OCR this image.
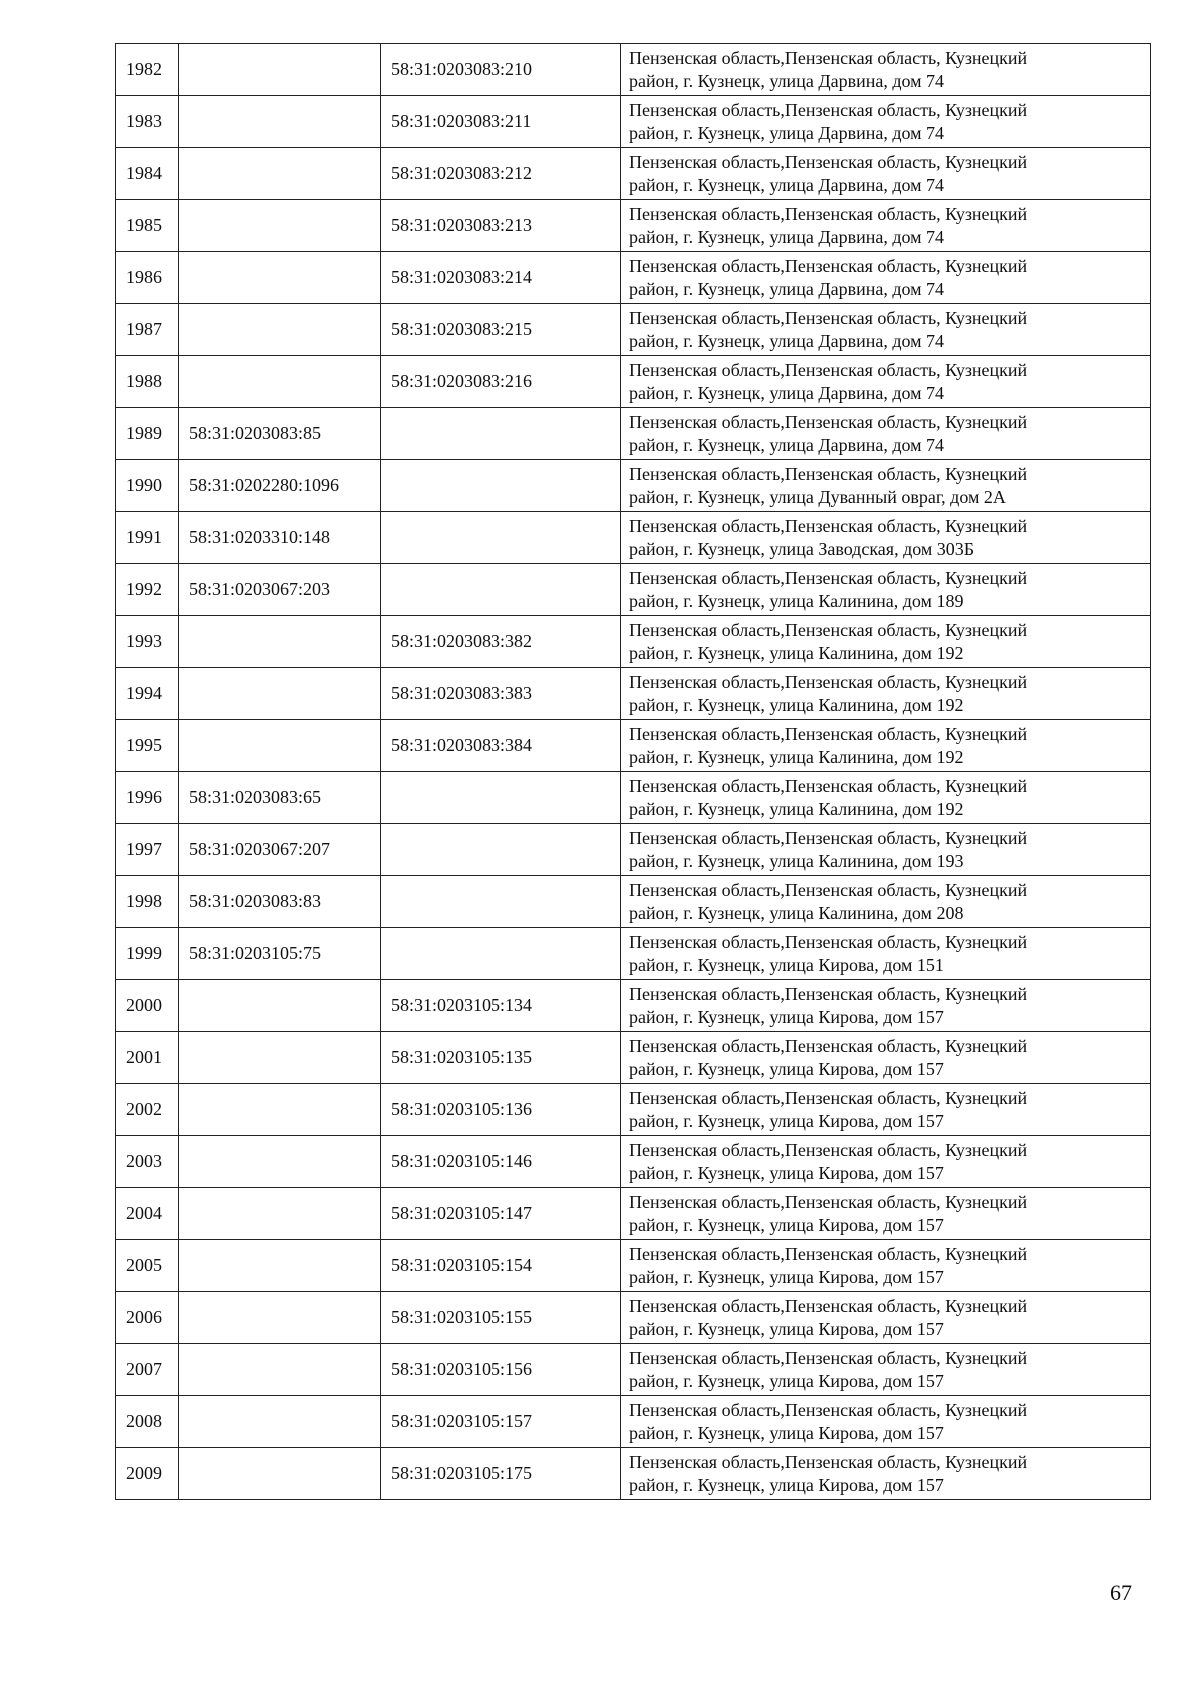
1982		58:31:0203083:210	Пензенская область,Пензенская область, Кузнецкий
район, г. Кузнецк, улица Дарвина, дом 74

1983		58:31:0203083:211	Пензенская область,Пензенская область, Кузнецкий
район, г. Кузнецк, улица Дарвина, дом 74

1984		58:31:0203083:212	Пензенская область,Пензенская область, Кузнецкий
район, г. Кузнецк, улица Дарвина, дом 74

1985		58:31:0203083:213	Пензенская область,Пензенская область, Кузнецкий
район, г. Кузнецк, улица Дарвина, дом 74

1986		58:31:0203083:214	Пензенская область,Пензенская область, Кузнецкий
район, г. Кузнецк, улица Дарвина, дом 74

1987		58:31:0203083:215	Пензенская область,Пензенская область, Кузнецкий
район, г. Кузнецк, улица Дарвина, дом 74

1988		58:31:0203083:216	Пензенская область,Пензенская область, Кузнецкий
район, г. Кузнецк, улица Дарвина, дом 74

1989	58:31:0203083:85		Пензенская область,Пензенская область, Кузнецкий
район, г. Кузнецк, улица Дарвина, дом 74

1990	58:31:0202280:1096		Пензенская область,Пензенская область, Кузнецкий
район, г. Кузнецк, улица Дуванный овраг, дом 2А

1991	58:31:0203310:148		Пензенская область,Пензенская область, Кузнецкий
район, г. Кузнецк, улица Заводская, дом 303Б

1992	58:31:0203067:203		Пензенская область,Пензенская область, Кузнецкий
район, г. Кузнецк, улица Калинина, дом 189

1993		58:31:0203083:382	Пензенская область,Пензенская область, Кузнецкий
район, г. Кузнецк, улица Калинина, дом 192

1994		58:31:0203083:383	Пензенская область,Пензенская область, Кузнецкий
район, г. Кузнецк, улица Калинина, дом 192

1995		58:31:0203083:384	Пензенская область,Пензенская область, Кузнецкий
район, г. Кузнецк, улица Калинина, дом 192

1996	58:31:0203083:65		Пензенская область,Пензенская область, Кузнецкий
район, г. Кузнецк, улица Калинина, дом 192

1997	58:31:0203067:207		Пензенская область,Пензенская область, Кузнецкий
район, г. Кузнецк, улица Калинина, дом 193

1998	58:31:0203083:83		Пензенская область,Пензенская область, Кузнецкий
район, г. Кузнецк, улица Калинина, дом 208

1999	58:31:0203105:75		Пензенская область,Пензенская область, Кузнецкий
район, г. Кузнецк, улица Кирова, дом 151

2000		58:31:0203105:134	Пензенская область,Пензенская область, Кузнецкий
район, г. Кузнецк, улица Кирова, дом 157

2001		58:31:0203105:135	Пензенская область,Пензенская область, Кузнецкий
район, г. Кузнецк, улица Кирова, дом 157

2002		58:31:0203105:136	Пензенская область,Пензенская область, Кузнецкий
район, г. Кузнецк, улица Кирова, дом 157

2003		58:31:0203105:146	Пензенская область,Пензенская область, Кузнецкий
район, г. Кузнецк, улица Кирова, дом 157

2004		58:31:0203105:147	Пензенская область,Пензенская область, Кузнецкий
район, г. Кузнецк, улица Кирова, дом 157

2005		58:31:0203105:154	Пензенская область,Пензенская область, Кузнецкий
район, г. Кузнецк, улица Кирова, дом 157

2006		58:31:0203105:155	Пензенская область,Пензенская область, Кузнецкий
район, г. Кузнецк, улица Кирова, дом 157

2007		58:31:0203105:156	Пензенская область,Пензенская область, Кузнецкий
район, г. Кузнецк, улица Кирова, дом 157

2008		58:31:0203105:157	Пензенская область,Пензенская область, Кузнецкий
район, г. Кузнецк, улица Кирова, дом 157

2009		58:31:0203105:175	Пензенская область,Пензенская область, Кузнецкий
район, г. Кузнецк, улица Кирова, дом 157
67
